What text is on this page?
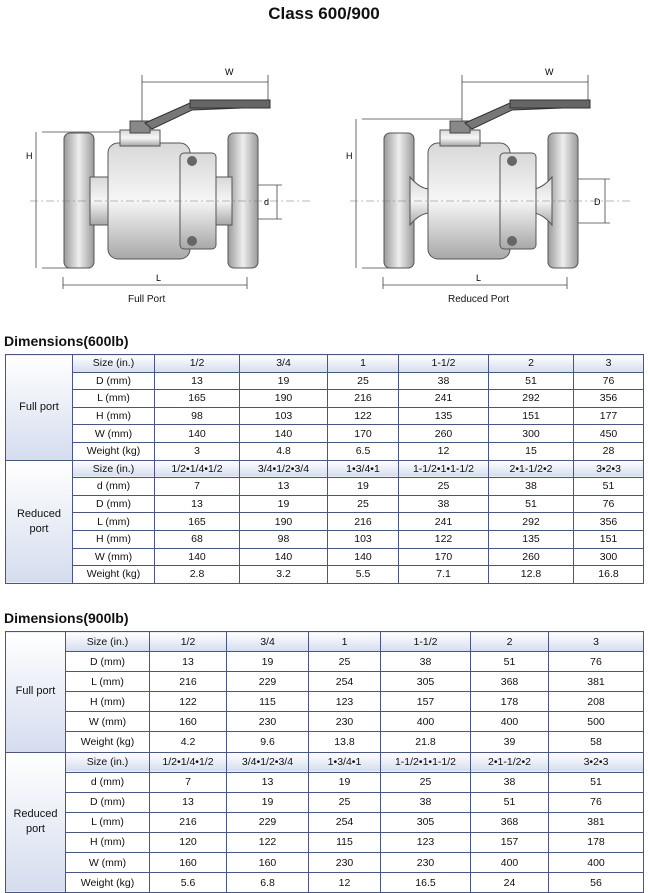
Class 600/900
W
H
d
L
Full Port
W
H
D
L
Reduced Port
Dimensions(600lb)
Full port	Size (in.)	1/2	3/4	1	1-1/2	2	3
	D (mm)	13	19	25	38	51	76
	L (mm)	165	190	216	241	292	356
	H (mm)	98	103	122	135	151	177
	W (mm)	140	140	170	260	300	450
	Weight (kg)	3	4.8	6.5	12	15	28
Reduced port	Size (in.)	1/2•1/4•1/2	3/4•1/2•3/4	1•3/4•1	1-1/2•1•1-1/2	2•1-1/2•2	3•2•3
	d (mm)	7	13	19	25	38	51
	D (mm)	13	19	25	38	51	76
	L (mm)	165	190	216	241	292	356
	H (mm)	68	98	103	122	135	151
	W (mm)	140	140	140	170	260	300
	Weight (kg)	2.8	3.2	5.5	7.1	12.8	16.8
Dimensions(900lb)
Full port	Size (in.)	1/2	3/4	1	1-1/2	2	3
	D (mm)	13	19	25	38	51	76
	L (mm)	216	229	254	305	368	381
	H (mm)	122	115	123	157	178	208
	W (mm)	160	230	230	400	400	500
	Weight (kg)	4.2	9.6	13.8	21.8	39	58
Reduced port	Size (in.)	1/2•1/4•1/2	3/4•1/2•3/4	1•3/4•1	1-1/2•1•1-1/2	2•1-1/2•2	3•2•3
	d (mm)	7	13	19	25	38	51
	D (mm)	13	19	25	38	51	76
	L (mm)	216	229	254	305	368	381
	H (mm)	120	122	115	123	157	178
	W (mm)	160	160	230	230	400	400
	Weight (kg)	5.6	6.8	12	16.5	24	56
